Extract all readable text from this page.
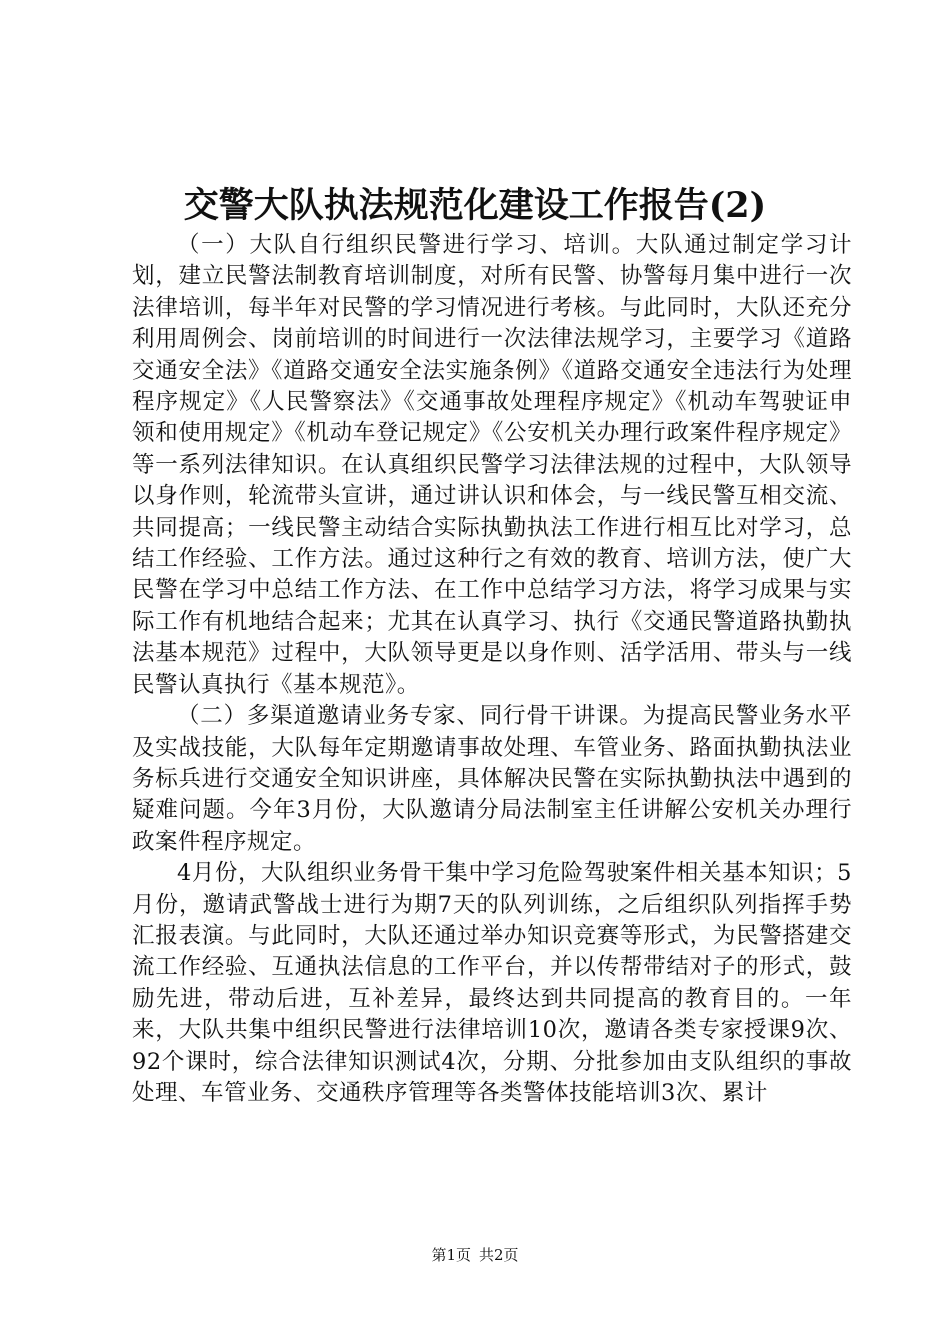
交警大队执法规范化建设工作报告(2)

（一）大队自行组织民警进行学习、培训。大队通过制定学习计划，建立民警法制教育培训制度，对所有民警、协警每月集中进行一次法律培训，每半年对民警的学习情况进行考核。与此同时，大队还充分利用周例会、岗前培训的时间进行一次法律法规学习，主要学习《道路交通安全法》《道路交通安全法实施条例》《道路交通安全违法行为处理程序规定》《人民警察法》《交通事故处理程序规定》《机动车驾驶证申领和使用规定》《机动车登记规定》《公安机关办理行政案件程序规定》等一系列法律知识。在认真组织民警学习法律法规的过程中，大队领导以身作则，轮流带头宣讲，通过讲认识和体会，与一线民警互相交流、共同提高；一线民警主动结合实际执勤执法工作进行相互比对学习，总结工作经验、工作方法。通过这种行之有效的教育、培训方法，使广大民警在学习中总结工作方法、在工作中总结学习方法，将学习成果与实际工作有机地结合起来；尤其在认真学习、执行《交通民警道路执勤执法基本规范》过程中，大队领导更是以身作则、活学活用、带头与一线民警认真执行《基本规范》。

（二）多渠道邀请业务专家、同行骨干讲课。为提高民警业务水平及实战技能，大队每年定期邀请事故处理、车管业务、路面执勤执法业务标兵进行交通安全知识讲座，具体解决民警在实际执勤执法中遇到的疑难问题。今年3月份，大队邀请分局法制室主任讲解公安机关办理行政案件程序规定。

4月份，大队组织业务骨干集中学习危险驾驶案件相关基本知识；5月份，邀请武警战士进行为期7天的队列训练，之后组织队列指挥手势汇报表演。与此同时，大队还通过举办知识竞赛等形式，为民警搭建交流工作经验、互通执法信息的工作平台，并以传帮带结对子的形式，鼓励先进，带动后进，互补差异，最终达到共同提高的教育目的。一年来，大队共集中组织民警进行法律培训10次，邀请各类专家授课9次、92个课时，综合法律知识测试4次，分期、分批参加由支队组织的事故处理、车管业务、交通秩序管理等各类警体技能培训3次、累计

第1页 共2页
